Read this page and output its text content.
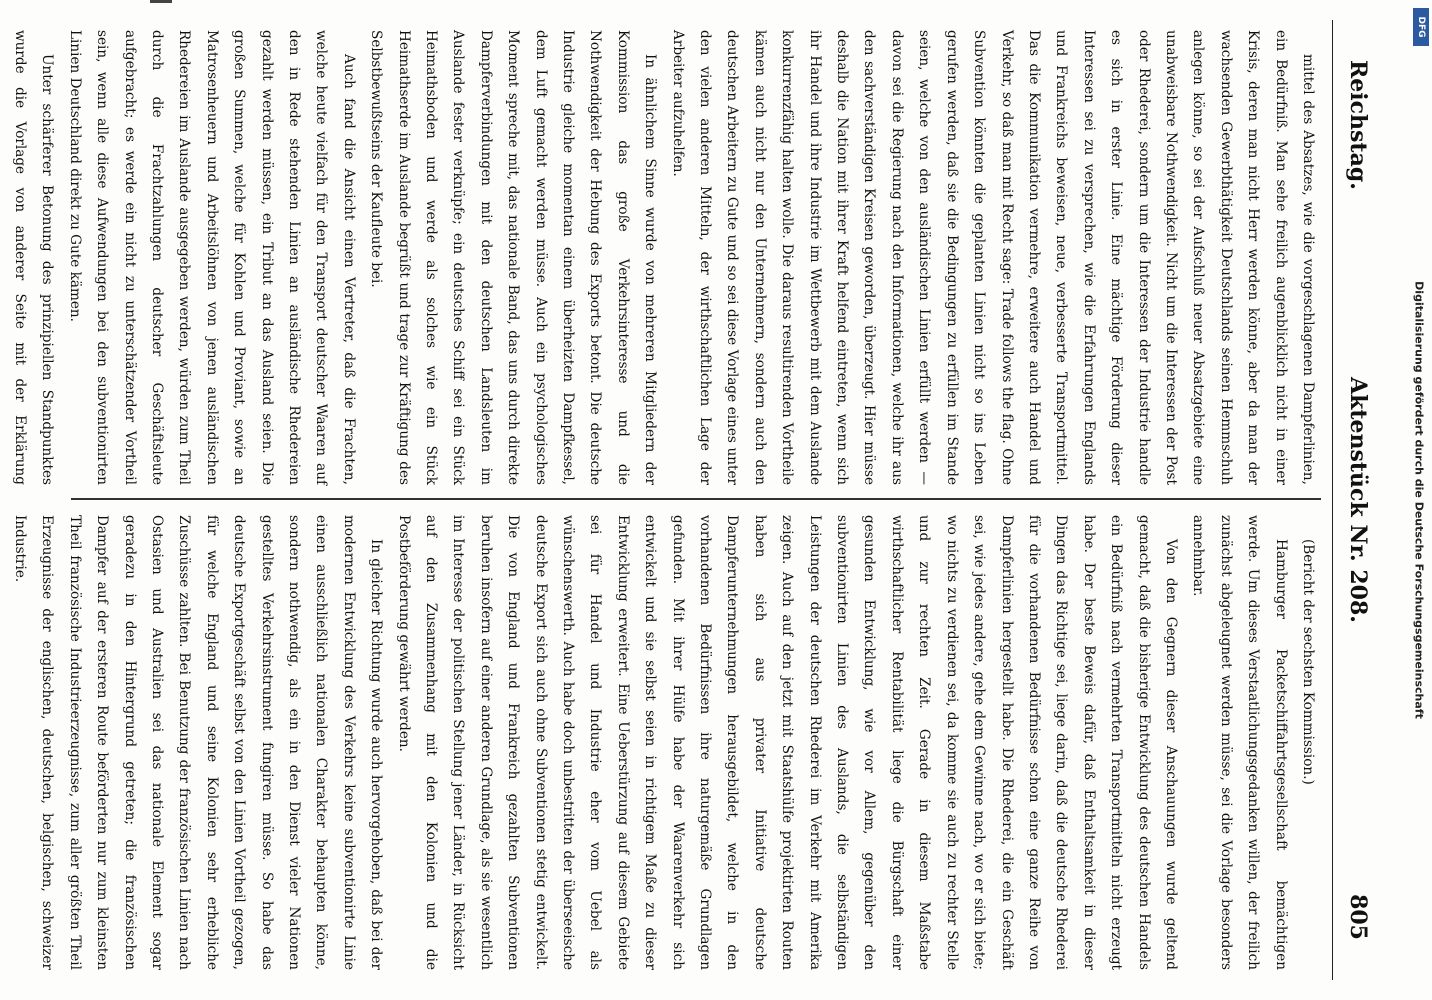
Reichstag.
Aktenstück Nr. 208.
805

mittel des Absatzes, wie die vorgeschlagenen Dampferlinien, ein Bedürfniß. Man sehe freilich augenblicklich nicht in einer Krisis, deren man nicht Herr werden könne, aber da man der wachsenden Gewerbthätigkeit Deutschlands seinen Hemmschuh anlegen könne, so sei der Aufschluß neuer Absatzgebiete eine unabweisbare Nothwendigkeit. Nicht um die Interessen der Post oder Rhederei, sondern um die Interessen der Industrie handle es sich in erster Linie. Eine mächtige Förderung dieser Interessen sei zu versprechen, wie die Erfahrungen Englands und Frankreichs beweisen, neue, verbesserte Transportmittel. Das die Kommunikation vermehre, erweitere auch Handel und Verkehr, so daß man mit Recht sage: Trade follows the flag. Ohne Subvention könnten die geplanten Linien nicht so ins Leben gerufen werden, daß sie die Bedingungen zu erfüllen im Stande seien, welche von den ausländischen Linien erfüllt werden — davon sei die Regierung nach den Informationen, welche ihr aus den sachverständigen Kreisen geworden, überzeugt. Hier müsse deshalb die Nation mit ihrer Kraft helfend eintreten, wenn sich ihr Handel und ihre Industrie im Wettbewerb mit dem Auslande konkurrenzfähig halten wolle. Die daraus resultirenden Vortheile kämen auch nicht nur den Unternehmern, sondern auch den deutschen Arbeitern zu Gute und so sei diese Vorlage eines unter den vielen anderen Mitteln, der wirthschaftlichen Lage der Arbeiter aufzuhelfen.

In ähnlichem Sinne wurde von mehreren Mitgliedern der Kommission das große Verkehrsinteresse und die Nothwendigkeit der Hebung des Exports betont. Die deutsche Industrie gleiche momentan einem überheizten Dampfkessel, dem Luft gemacht werden müsse. Auch ein psychologisches Moment spreche mit, das nationale Band, das uns durch direkte Dampferverbindungen mit den deutschen Landsleuten im Auslande fester verknüpfe; ein deutsches Schiff sei ein Stück Heimathsboden und werde als solches wie ein Stück Heimathserde im Auslande begrüßt und trage zur Kräftigung des Selbstbewußtseins der Kaufleute bei.

Auch fand die Ansicht einen Vertreter, daß die Frachten, welche heute vielfach für den Transport deutscher Waaren auf den in Rede stehenden Linien an ausländische Rhedereien gezahlt werden müssen, ein Tribut an das Ausland seien. Die großen Summen, welche für Kohlen und Proviant, sowie an Matrosenheuern und Arbeitslöhnen von jenen ausländischen Rhedereien im Auslande ausgegeben werden, würden zum Theil durch die Frachtzahlungen deutscher Geschäftsleute aufgebracht; es werde ein nicht zu unterschätzender Vortheil sein, wenn alle diese Aufwendungen bei den subventionirten Linien Deutschland direkt zu Gute kämen.

Unter schärferer Betonung des prinzipiellen Standpunktes wurde die Vorlage von anderer Seite mit der Erklärung

(Bericht der sechsten Kommission.)

Hamburger Packetschiffahrtsgesellschaft bemächtigen werde. Um dieses Verstaatlichungsgedanken willen, der freilich zunächst abgeleugnet werden müsse, sei die Vorlage besonders annehmbar.

Von den Gegnern dieser Anschauungen wurde geltend gemacht, daß die bisherige Entwicklung des deutschen Handels ein Bedürfniß nach vermehrten Transportmitteln nicht erzeugt habe. Der beste Beweis dafür, daß Enthaltsamkeit in dieser Dingen das Richtige sei, liege darin, daß die deutsche Rhederei für die vorhandenen Bedürfnisse schon eine ganze Reihe von Dampferlinien hergestellt habe. Die Rhederei, die ein Geschäft sei, wie jedes andere, gehe dem Gewinne nach, wo er sich biete; wo nichts zu verdienen sei, da komme sie auch zu rechter Stelle und zur rechten Zeit. Gerade in diesem Maßstabe wirthschaftlicher Rentabilität liege die Bürgschaft einer gesunden Entwicklung, wie vor Allem, gegenüber den subventionirten Linien des Auslands, die selbständigen Leistungen der deutschen Rhederei im Verkehr mit Amerika zeigen. Auch auf den jetzt mit Staatshülfe projektirten Routen haben sich aus privater Initiative deutsche Dampferunternehmungen herausgebildet, welche in den vorhandenen Bedürfnissen ihre naturgemäße Grundlagen gefunden. Mit ihrer Hülfe habe der Waarenverkehr sich entwickelt und sie selbst seien in richtigem Maße zu dieser Entwicklung erweitert. Eine Ueberstürzung auf diesem Gebiete sei für Handel und Industrie eher vom Uebel als wünschenswerth. Auch habe doch unbestritten der überseeische deutsche Export sich auch ohne Subventionen stetig entwickelt. Die von England und Frankreich gezahlten Subventionen beruhen insofern auf einer anderen Grundlage, als sie wesentlich im Interesse der politischen Stellung jener Länder, in Rücksicht auf den Zusammenhang mit den Kolonien und die Postbeförderung gewährt werden.

In gleicher Richtung wurde auch hervorgehoben, daß bei der modernen Entwicklung des Verkehrs keine subventionirte Linie einen ausschließlich nationalen Charakter behaupten könne, sondern nothwendig, als ein in den Dienst vieler Nationen gestelltes Verkehrsinstrument fungiren müsse. So habe das deutsche Exportgeschäft selbst von den Linien Vortheil gezogen, für welche England und seine Kolonien sehr erhebliche Zuschüsse zahlten. Bei Benutzung der französischen Linien nach Ostasien und Australien sei das nationale Element sogar geradezu in den Hintergrund getreten; die französischen Dampfer auf der ersteren Route beförderten nur zum kleinsten Theil französische Industrieerzeugnisse, zum aller größten Theil Erzeugnisse der englischen, deutschen, belgischen, schweizer Industrie.

DFG
Digitalisierung gefördert durch die Deutsche Forschungsgemeinschaft
